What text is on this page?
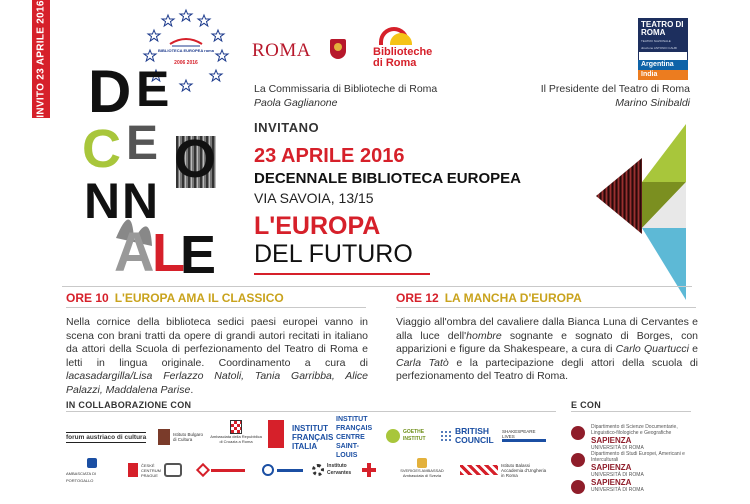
INVITO 23 APRILE 2016	BIBLIOTECA EUROPEA roma
2006 2016
D E
C E O
N N
A
L
E
ROMA	Biblioteche di Roma
TEATRO DI ROMA
TEATRO NAZIONALE
direzione ANTONIO CALBI
Argentina
India
La Commissaria di Biblioteche di Roma
Paola Gaglianone
Il Presidente del Teatro di Roma
Marino Sinibaldi
INVITANO
23 APRILE 2016
DECENNALE BIBLIOTECA EUROPEA
VIA SAVOIA, 13/15
L'EUROPA
DEL FUTURO
ORE 10 L'EUROPA AMA IL CLASSICO
Nella cornice della biblioteca sedici paesi europei vanno in scena con brani tratti da opere di grandi autori recitati in italiano da attori della Scuola di perfezionamento del Teatro di Roma e letti in lingua originale. Coordinamento a cura di lacasadargilla/Lisa Ferlazzo Natoli, Tania Garribba, Alice Palazzi, Maddalena Parise.
ORE 12 LA MANCHA D'EUROPA
Viaggio all'ombra del cavaliere dalla Bianca Luna di Cervantes e alla luce dell'hombre sognante e sognato di Borges, con apparizioni e figure da Shakespeare, a cura di Carlo Quartucci e Carla Tatò e la partecipazione degli attori della scuola di perfezionamento del Teatro di Roma.
IN COLLABORAZIONE CON	E CON
forum austriaco di cultura	Istituto Bulgaro di Cultura
Ambasciata della Repubblica di Croazia a Roma
INSTITUT FRANÇAIS ITALIA
INSTITUT FRANÇAIS CENTRE SAINT-LOUIS
GOETHE INSTITUT
BRITISH COUNCIL
SHAKESPEARE LIVES
AMBASCIATA DI PORTOGALLO
ČESKÉ CENTRUM PRAGUE
Instituto Cervantes	SVERIGES AMBASSAD Ambasciata di Svezia
Istituto Balassi Accademia d'Ungheria in Roma
Dipartimento di Scienze Documentarie, Linguistico-filologiche e Geografiche
SAPIENZA
UNIVERSITÀ DI ROMA
Dipartimento di Studi Europei, Americani e Interculturali
SAPIENZA
UNIVERSITÀ DI ROMA
SAPIENZA
UNIVERSITÀ DI ROMA
